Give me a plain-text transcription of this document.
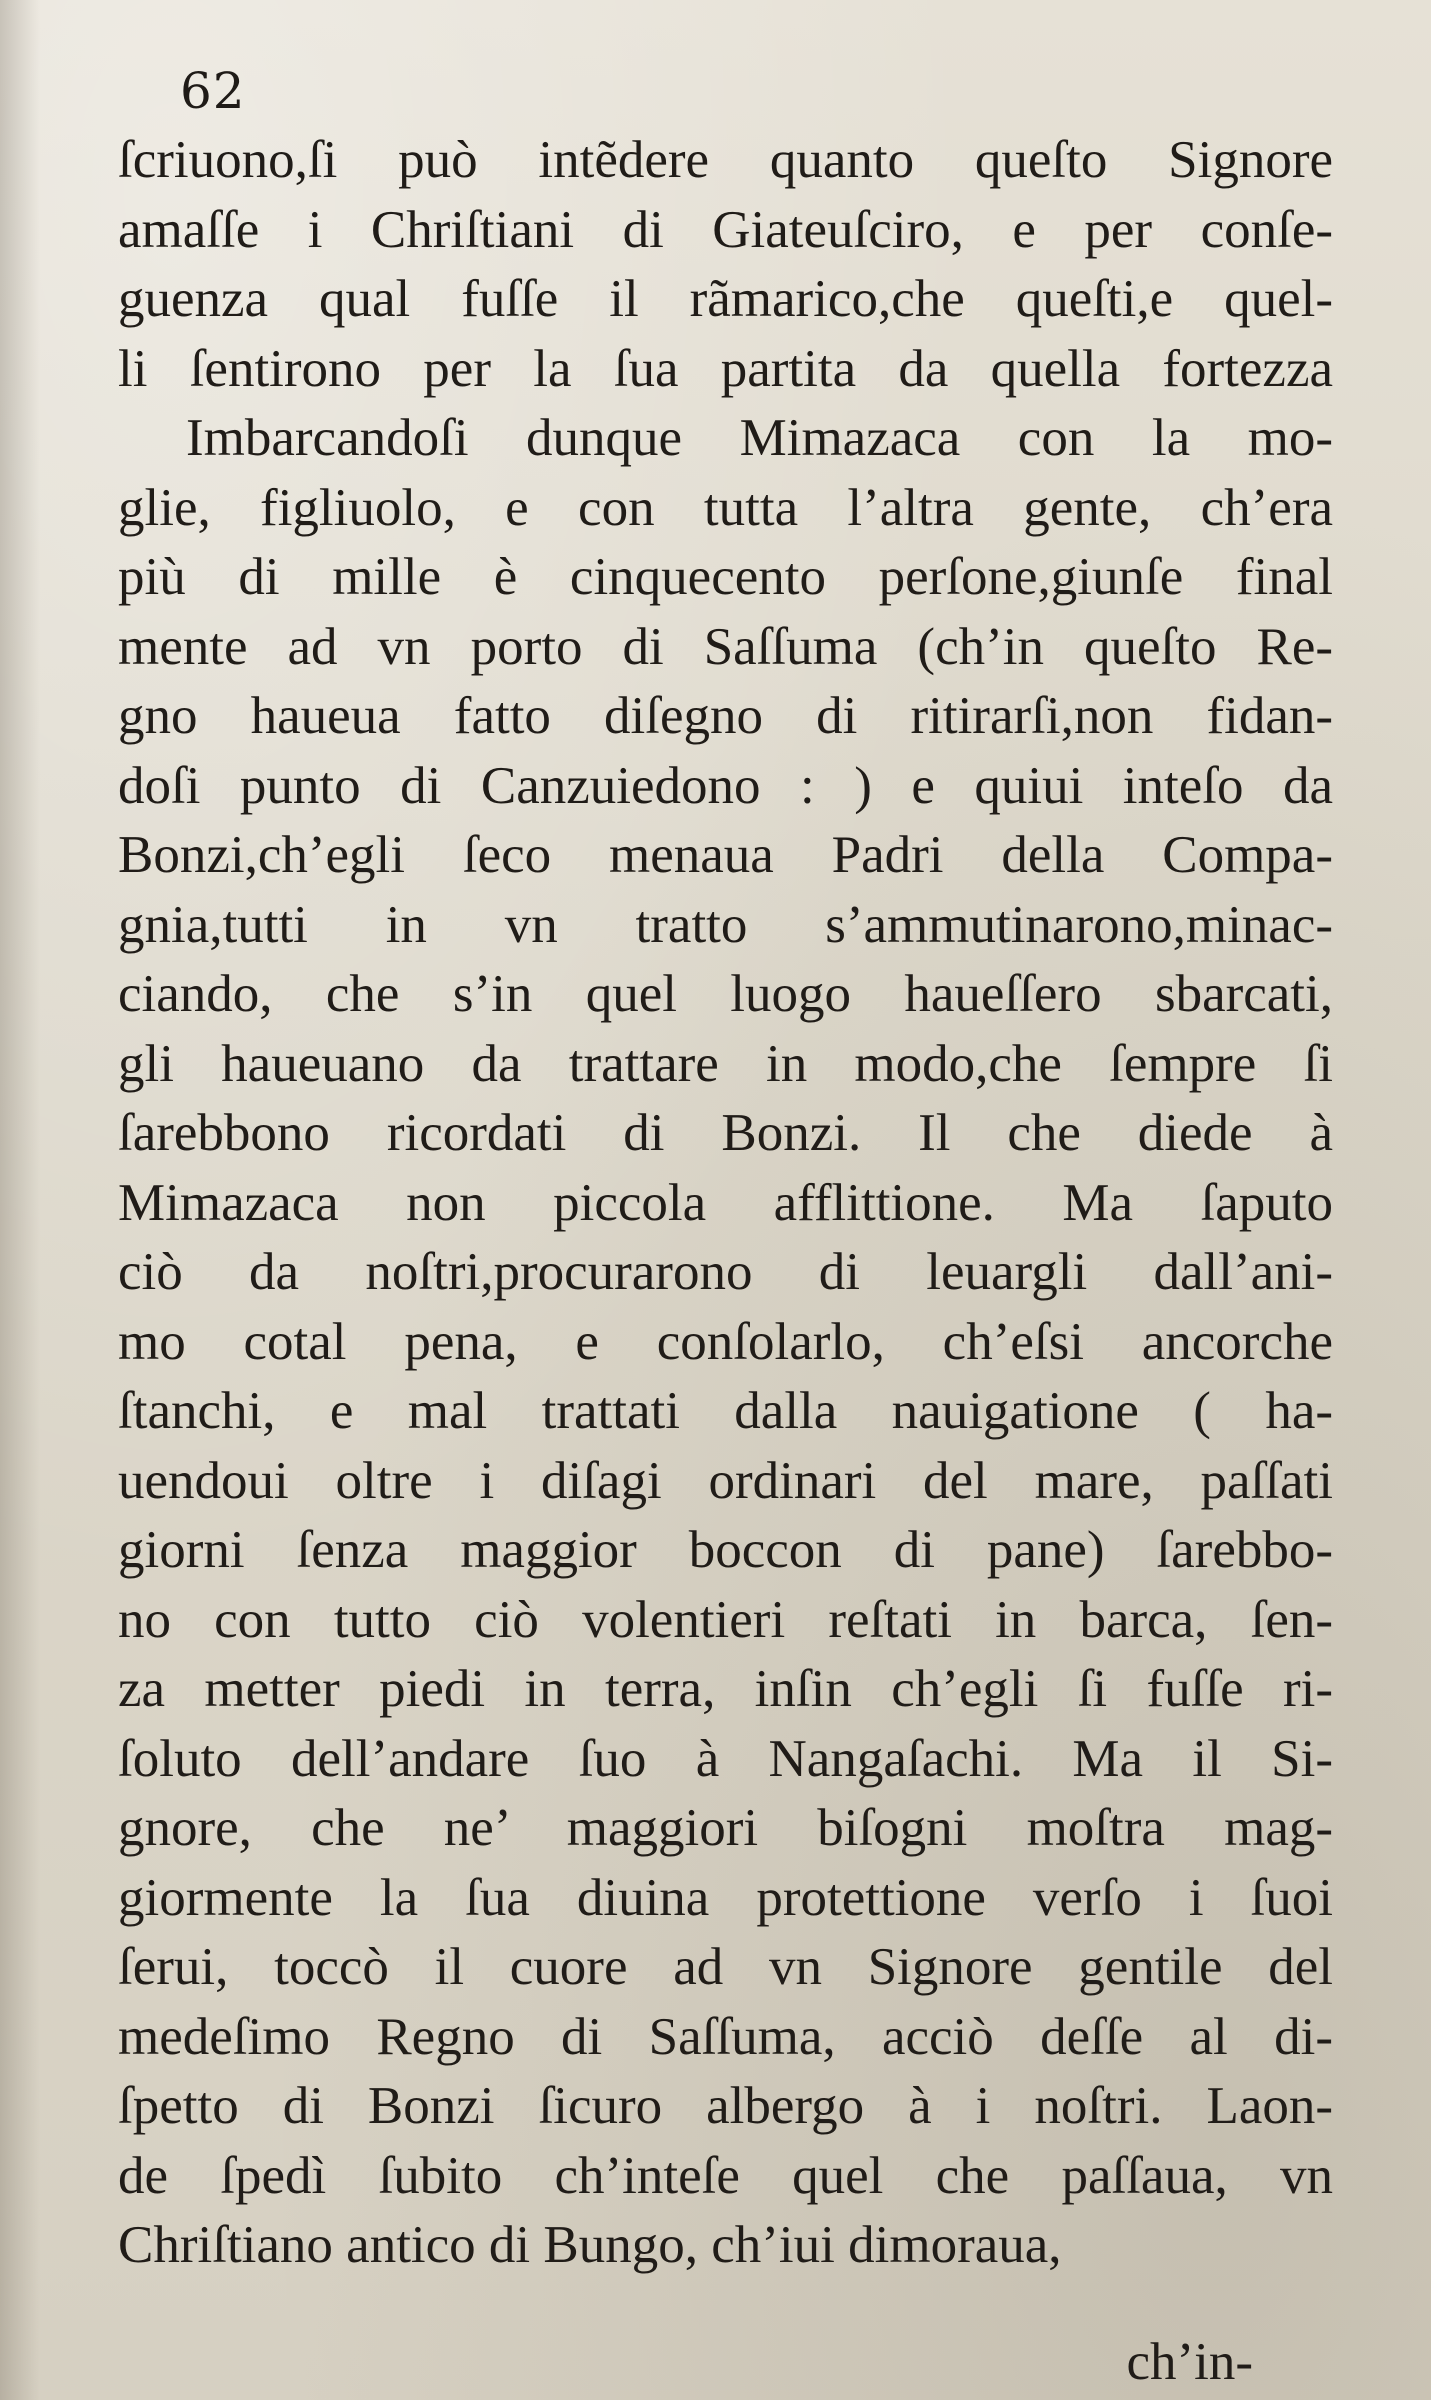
62
ſcriuono,ſi può intẽdere quanto queſto Signore
amaſſe i Chriſtiani di Giateuſciro, e per conſe-
guenza qual fuſſe il rãmarico,che queſti,e quel-
li ſentirono per la ſua partita da quella fortezza
Imbarcandoſi dunque Mimazaca con la mo-
glie, figliuolo, e con tutta l’altra gente, ch’era
più di mille è cinquecento perſone,giunſe final
mente ad vn porto di Saſſuma (ch’in queſto Re-
gno haueua fatto diſegno di ritirarſi,non fidan-
doſi punto di Canzuiedono : ) e quiui inteſo da
Bonzi,ch’egli ſeco menaua Padri della Compa-
gnia,tutti in vn tratto s’ammutinarono,minac-
ciando, che s’in quel luogo haueſſero sbarcati,
gli haueuano da trattare in modo,che ſempre ſi
ſarebbono ricordati di Bonzi. Il che diede à
Mimazaca non piccola afflittione. Ma ſaputo
ciò da noſtri,procurarono di leuargli dall’ani-
mo cotal pena, e conſolarlo, ch’eſsi ancorche
ſtanchi, e mal trattati dalla nauigatione ( ha-
uendoui oltre i diſagi ordinari del mare, paſſati
giorni ſenza maggior boccon di pane) ſarebbo-
no con tutto ciò volentieri reſtati in barca, ſen-
za metter piedi in terra, inſin ch’egli ſi fuſſe ri-
ſoluto dell’andare ſuo à Nangaſachi. Ma il Si-
gnore, che ne’ maggiori biſogni moſtra mag-
giormente la ſua diuina protettione verſo i ſuoi
ſerui, toccò il cuore ad vn Signore gentile del
medeſimo Regno di Saſſuma, acciò deſſe al di-
ſpetto di Bonzi ſicuro albergo à i noſtri. Laon-
de ſpedì ſubito ch’inteſe quel che paſſaua, vn
Chriſtiano antico di Bungo, ch’iui dimoraua,
ch’in-
